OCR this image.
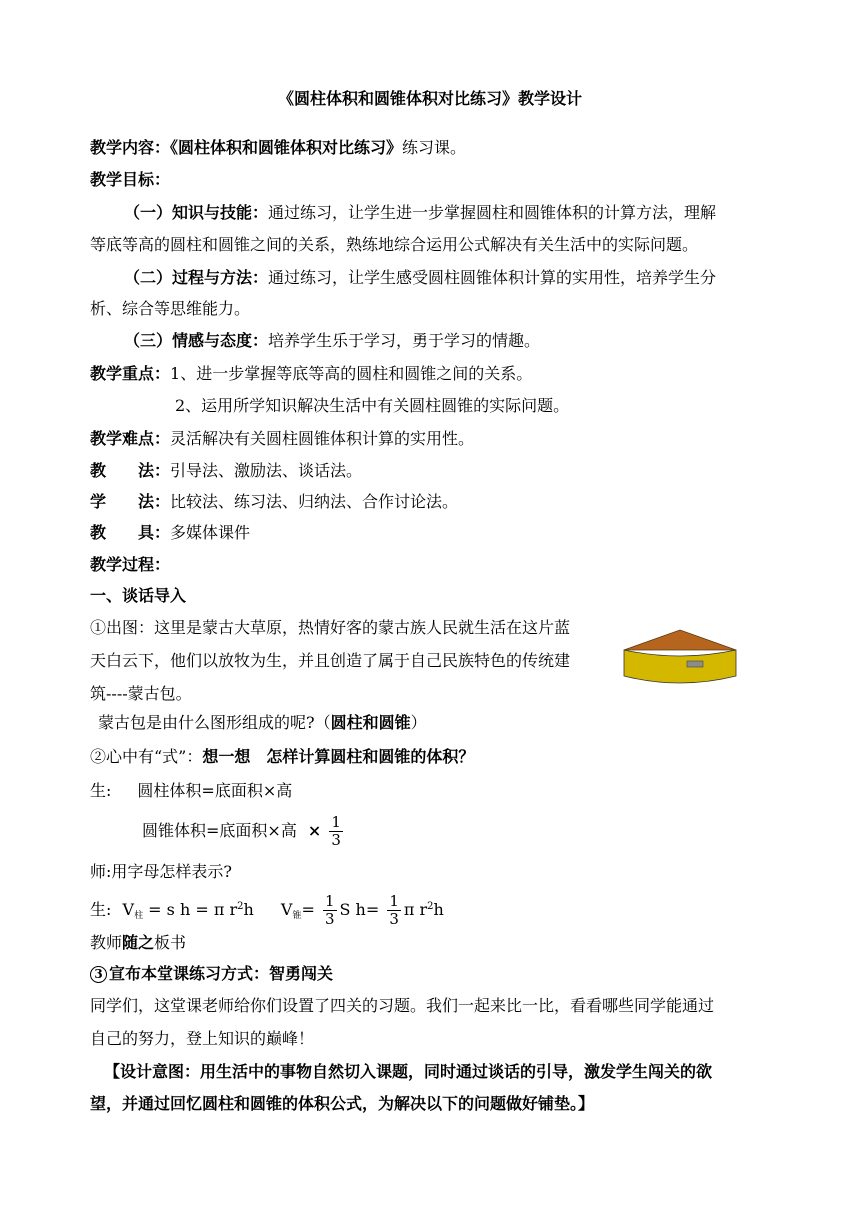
《圆柱体积和圆锥体积对比练习》教学设计
教学内容：《圆柱体积和圆锥体积对比练习》练习课。
教学目标：
（一）知识与技能：通过练习，让学生进一步掌握圆柱和圆锥体积的计算方法，理解
等底等高的圆柱和圆锥之间的关系，熟练地综合运用公式解决有关生活中的实际问题。
（二）过程与方法：通过练习，让学生感受圆柱圆锥体积计算的实用性，培养学生分
析、综合等思维能力。
（三）情感与态度：培养学生乐于学习，勇于学习的情趣。
教学重点：1、进一步掌握等底等高的圆柱和圆锥之间的关系。
2、运用所学知识解决生活中有关圆柱圆锥的实际问题。
教学难点：灵活解决有关圆柱圆锥体积计算的实用性。
教　　法：引导法、激励法、谈话法。
学　　法：比较法、练习法、归纳法、合作讨论法。
教　　具：多媒体课件
教学过程：
一、谈话导入
①出图：这里是蒙古大草原，热情好客的蒙古族人民就生活在这片蓝
天白云下，他们以放牧为生，并且创造了属于自己民族特色的传统建
筑----蒙古包。
蒙古包是由什么图形组成的呢?（圆柱和圆锥）
②心中有“式”：想一想　怎样计算圆柱和圆锥的体积？
生: 圆柱体积=底面积×高
圆锥体积=底面积×高 × $\frac{1}{3}$
师:用字母怎样表示?
生: $V_柱 = s$ h = π $r^2h$ $V_锥= \frac{1}{3}$ S $h= \frac{1}{3}$ π $r^2h$
教师随之板书
3 宣布本堂课练习方式：智勇闯关
同学们，这堂课老师给你们设置了四关的习题。我们一起来比一比，看看哪些同学能通过
自己的努力，登上知识的巅峰！
【设计意图：用生活中的事物自然切入课题，同时通过谈话的引导，激发学生闯关的欲
望，并通过回忆圆柱和圆锥的体积公式，为解决以下的问题做好铺垫。】
